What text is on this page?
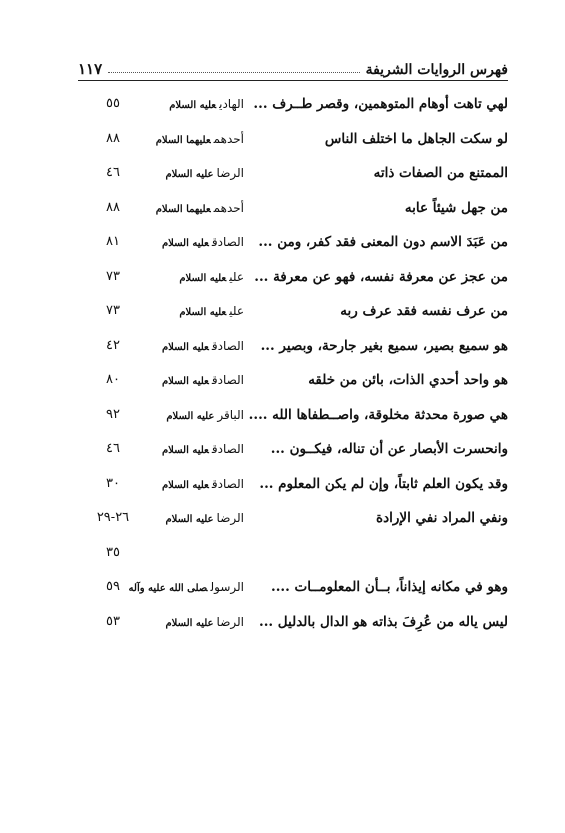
فهرس الروايات الشريفة
١١٧
لهي تاهت أوهام المتوهمين، وقصر طــرف ...
الهاديعليه السلام
٥٥
لو سكت الجاهل ما اختلف الناس
أحدهمعليهما السلام
٨٨
الممتنع من الصفات ذاته
الرضاعليه السلام
٤٦
من جهل شيئاً عابه
أحدهمعليهما السلام
٨٨
من عَبَدَ الاسم دون المعنى فقد كفر، ومن ...
الصادقعليه السلام
٨١
من عجز عن معرفة نفسه، فهو عن معرفة ...
عليعليه السلام
٧٣
من عرف نفسه فقد عرف ربه
عليعليه السلام
٧٣
هو سميع بصير، سميع بغير جارحة، وبصير ...
الصادقعليه السلام
٤٢
هو واحد أحدي الذات، بائن من خلقه
الصادقعليه السلام
٨٠
هي صورة محدثة مخلوقة، واصــطفاها الله ....
الباقرعليه السلام
٩٢
وانحسرت الأبصار عن أن تناله، فيكــون ...
الصادقعليه السلام
٤٦
وقد يكون العلم ثابتاً، وإن لم يكن المعلوم ...
الصادقعليه السلام
٣٠
ونفي المراد نفي الإرادة
الرضاعليه السلام
٢٦-٢٩
٣٥
وهو في مكانه إيذاناً، بــأن المعلومــات ....
الرسولصلى الله عليه وآله
٥٩
ليس ياله من عُرِفَ بذاته هو الدال بالدليل ...
الرضاعليه السلام
٥٣
